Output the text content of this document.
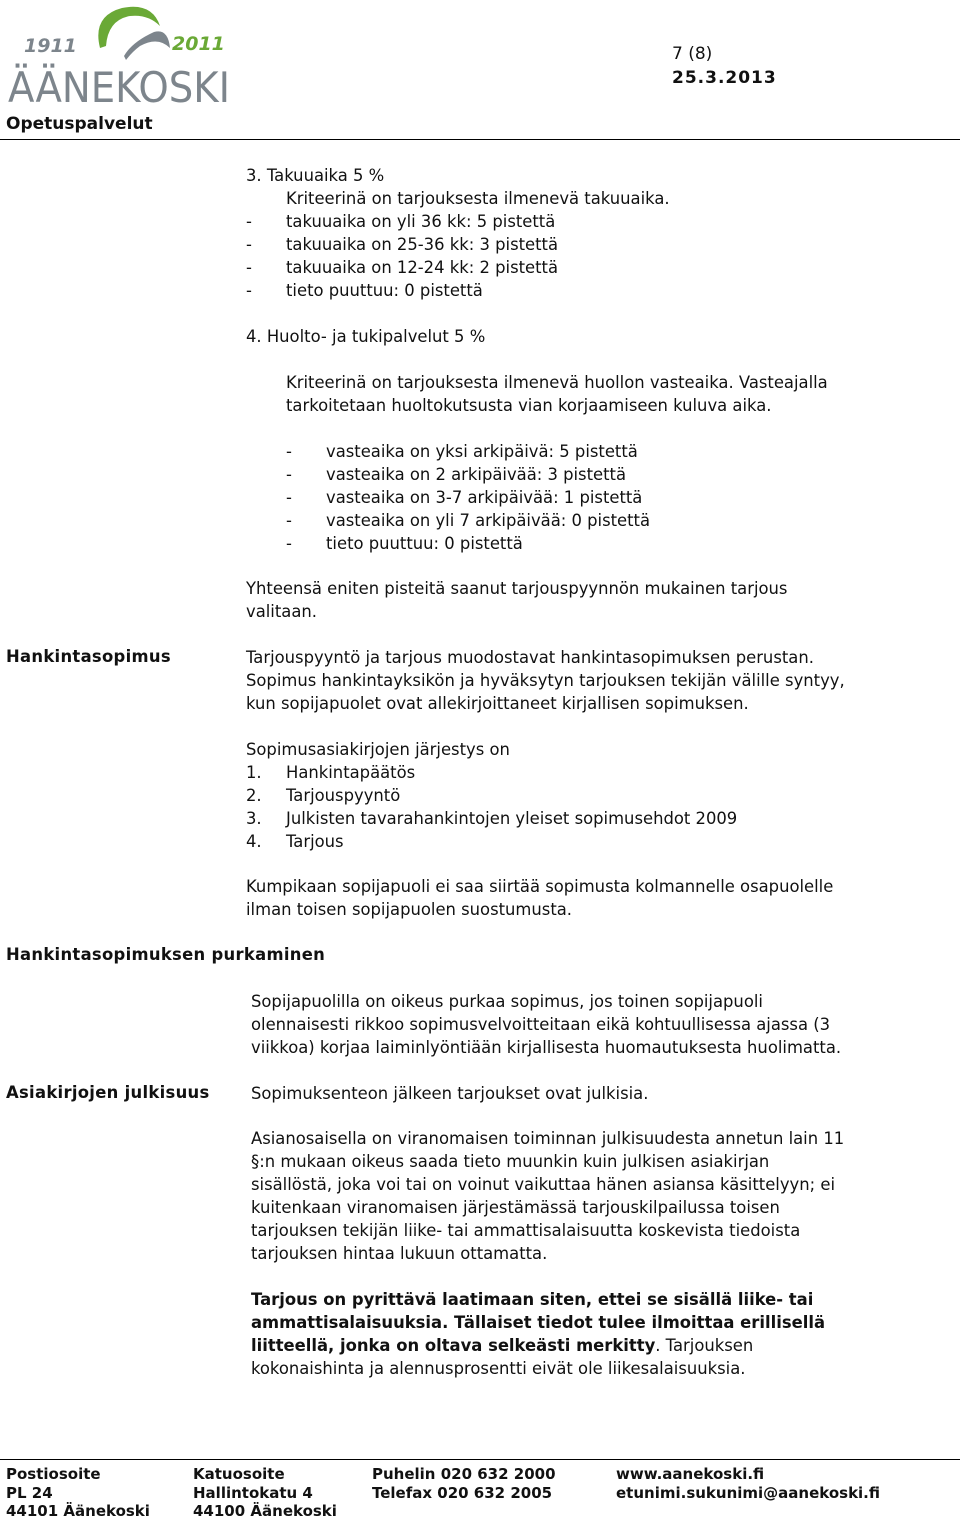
1911	2011
ÄÄNEKOSKI
7 (8)
25.3.2013
Opetuspalvelut
3. Takuuaika 5 %
Kriteerinä on tarjouksesta ilmenevä takuuaika.
- takuuaika on yli 36 kk: 5 pistettä
- takuuaika on 25-36 kk: 3 pistettä
- takuuaika on 12-24 kk: 2 pistettä
- tieto puuttuu: 0 pistettä
4. Huolto- ja tukipalvelut 5 %
Kriteerinä on tarjouksesta ilmenevä huollon vasteaika. Vasteajalla
tarkoitetaan huoltokutsusta vian korjaamiseen kuluva aika.
- vasteaika on yksi arkipäivä: 5 pistettä
- vasteaika on 2 arkipäivää: 3 pistettä
- vasteaika on 3-7 arkipäivää: 1 pistettä
- vasteaika on yli 7 arkipäivää: 0 pistettä
- tieto puuttuu: 0 pistettä
Yhteensä eniten pisteitä saanut tarjouspyynnön mukainen tarjous
valitaan.
Hankintasopimus	Tarjouspyyntö ja tarjous muodostavat hankintasopimuksen perustan.
Sopimus hankintayksikön ja hyväksytyn tarjouksen tekijän välille syntyy,
kun sopijapuolet ovat allekirjoittaneet kirjallisen sopimuksen.
Sopimusasiakirjojen järjestys on
1. Hankintapäätös
2. Tarjouspyyntö
3. Julkisten tavarahankintojen yleiset sopimusehdot 2009
4. Tarjous
Kumpikaan sopijapuoli ei saa siirtää sopimusta kolmannelle osapuolelle
ilman toisen sopijapuolen suostumusta.
Hankintasopimuksen purkaminen
Sopijapuolilla on oikeus purkaa sopimus, jos toinen sopijapuoli
olennaisesti rikkoo sopimusvelvoitteitaan eikä kohtuullisessa ajassa (3
viikkoa) korjaa laiminlyöntiään kirjallisesta huomautuksesta huolimatta.
Asiakirjojen julkisuus	Sopimuksenteon jälkeen tarjoukset ovat julkisia.
Asianosaisella on viranomaisen toiminnan julkisuudesta annetun lain 11
§:n mukaan oikeus saada tieto muunkin kuin julkisen asiakirjan
sisällöstä, joka voi tai on voinut vaikuttaa hänen asiansa käsittelyyn; ei
kuitenkaan viranomaisen järjestämässä tarjouskilpailussa toisen
tarjouksen tekijän liike- tai ammattisalaisuutta koskevista tiedoista
tarjouksen hintaa lukuun ottamatta.
Tarjous on pyrittävä laatimaan siten, ettei se sisällä liike- tai
ammattisalaisuuksia. Tällaiset tiedot tulee ilmoittaa erillisellä
liitteellä, jonka on oltava selkeästi merkitty. Tarjouksen
kokonaishinta ja alennusprosentti eivät ole liikesalaisuuksia.
Postiosoite
PL 24
44101 Äänekoski
Katuosoite
Hallintokatu 4
44100 Äänekoski
Puhelin 020 632 2000
Telefax 020 632 2005
www.aanekoski.fi
etunimi.sukunimi@aanekoski.fi
